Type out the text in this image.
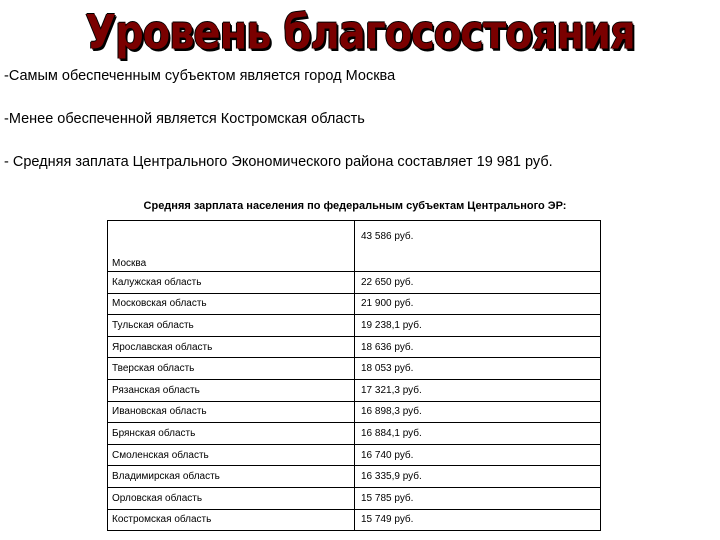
Уровень благосостояния
-Самым обеспеченным субъектом является город Москва
-Менее обеспеченной является Костромская область
- Средняя заплата Центрального Экономического района составляет 19 981 руб.
Средняя зарплата населения по федеральным субъектам Центрального ЭР:
Москва	43 586 руб.
Калужская область	22 650 руб.
Московская область	21 900 руб.
Тульская область	19 238,1 руб.
Ярославская область	18 636 руб.
Тверская область	18 053 руб.
Рязанская область	17 321,3 руб.
Ивановская область	16 898,3 руб.
Брянская область	16 884,1 руб.
Смоленская область	16 740 руб.
Владимирская область	16 335,9 руб.
Орловская область	15 785 руб.
Костромская область	15 749 руб.
